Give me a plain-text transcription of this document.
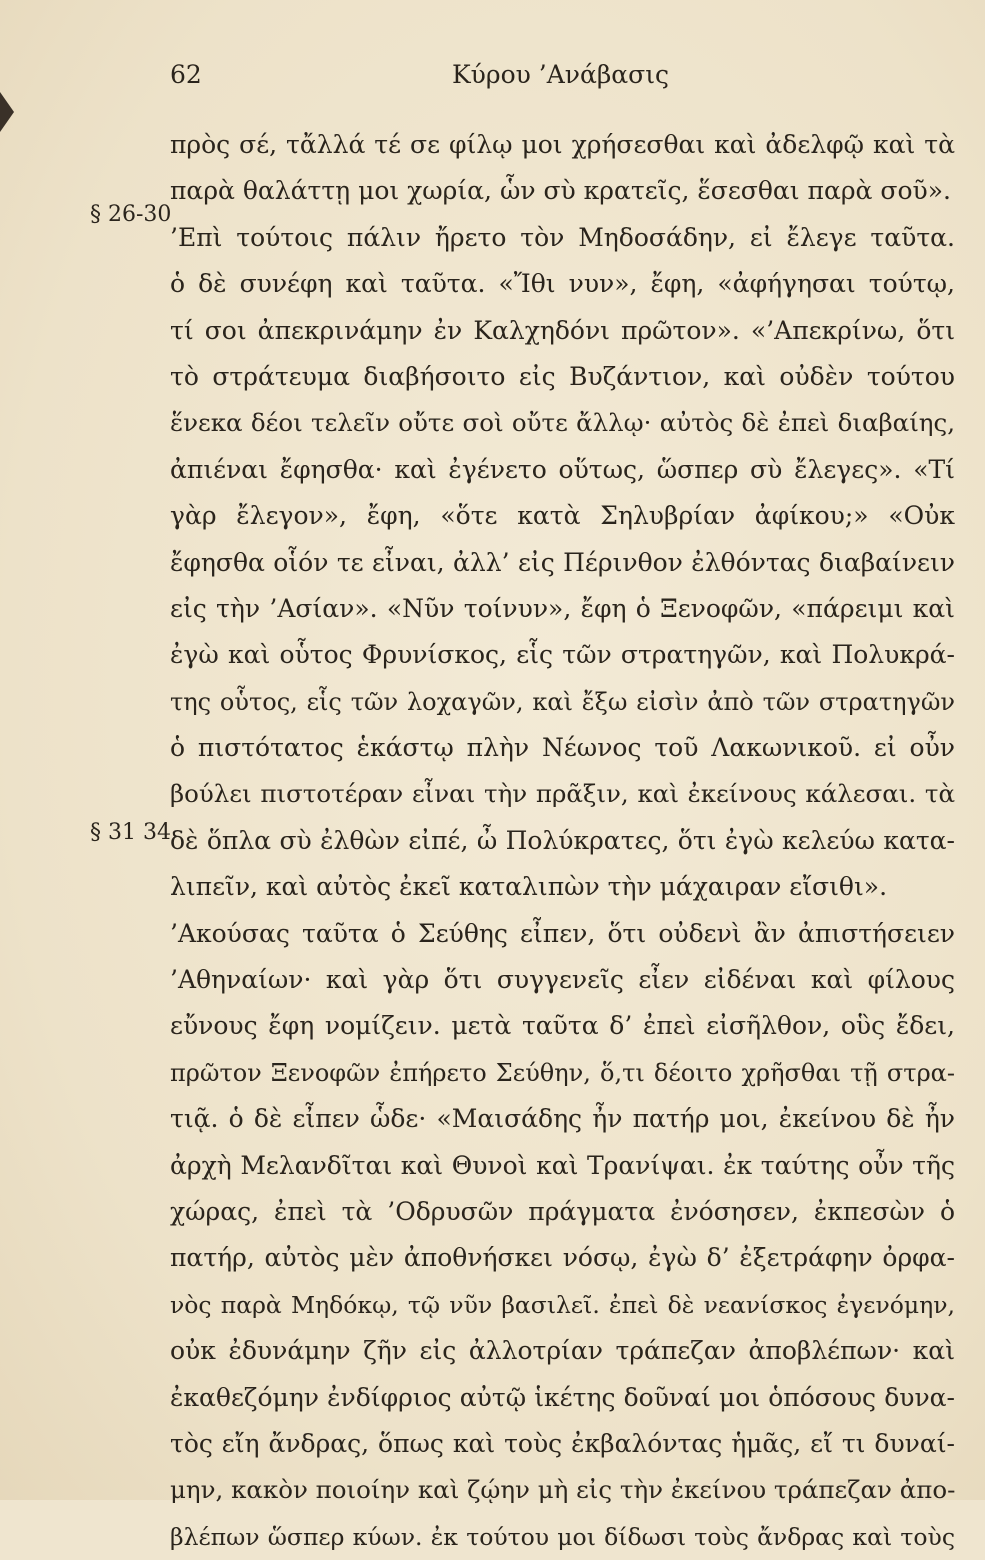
62	Κύρου ’Ανάβασις
§ 26-30
§ 31 34
πρὸς σέ, τἄλλά τέ σε φίλῳ μοι χρήσεσθαι καὶ ἀδελφῷ καὶ τὰ
παρὰ θαλάττῃ μοι χωρία, ὧν σὺ κρατεῖς, ἕσεσθαι παρὰ σοῦ».
’Επὶ τούτοις πάλιν ἤρετο τὸν Μηδοσάδην, εἰ ἔλεγε ταῦτα.
ὁ δὲ συνέφη καὶ ταῦτα. «Ἴθι νυν», ἔφη, «ἀφήγησαι τούτῳ,
τί σοι ἀπεκρινάμην ἐν Καλχηδόνι πρῶτον». «’Απεκρίνω, ὅτι
τὸ στράτευμα διαβήσοιτο εἰς Βυζάντιον, καὶ οὐδὲν τούτου
ἕνεκα δέοι τελεῖν οὔτε σοὶ οὔτε ἄλλῳ· αὐτὸς δὲ ἐπεὶ διαβαίης,
ἀπιέναι ἔφησθα· καὶ ἐγένετο οὕτως, ὥσπερ σὺ ἔλεγες». «Τί
γὰρ ἔλεγον», ἔφη, «ὅτε κατὰ Σηλυβρίαν ἀφίκου;» «Οὐκ
ἔφησθα οἷόν τε εἶναι, ἀλλ’ εἰς Πέρινθον ἐλθόντας διαβαίνειν
εἰς τὴν ’Ασίαν». «Νῦν τοίνυν», ἔφη ὁ Ξενοφῶν, «πάρειμι καὶ
ἐγὼ καὶ οὗτος Φρυνίσκος, εἷς τῶν στρατηγῶν, καὶ Πολυκρά-
της οὗτος, εἷς τῶν λοχαγῶν, καὶ ἔξω εἰσὶν ἀπὸ τῶν στρατηγῶν
ὁ πιστότατος ἑκάστῳ πλὴν Νέωνος τοῦ Λακωνικοῦ. εἰ οὖν
βούλει πιστοτέραν εἶναι τὴν πρᾶξιν, καὶ ἐκείνους κάλεσαι. τὰ
δὲ ὅπλα σὺ ἐλθὼν εἰπέ, ὦ Πολύκρατες, ὅτι ἐγὼ κελεύω κατα-
λιπεῖν, καὶ αὐτὸς ἐκεῖ καταλιπὼν τὴν μάχαιραν εἴσιθι».
’Ακούσας ταῦτα ὁ Σεύθης εἶπεν, ὅτι οὐδενὶ ἂν ἀπιστήσειεν
’Αθηναίων· καὶ γὰρ ὅτι συγγενεῖς εἶεν εἰδέναι καὶ φίλους
εὔνους ἔφη νομίζειν. μετὰ ταῦτα δ’ ἐπεὶ εἰσῆλθον, οὓς ἔδει,
πρῶτον Ξενοφῶν ἐπήρετο Σεύθην, ὅ,τι δέοιτο χρῆσθαι τῇ στρα-
τιᾷ. ὁ δὲ εἶπεν ὧδε· «Μαισάδης ἦν πατήρ μοι, ἐκείνου δὲ ἦν
ἀρχὴ Μελανδῖται καὶ Θυνοὶ καὶ Τρανίψαι. ἐκ ταύτης οὖν τῆς
χώρας, ἐπεὶ τὰ ’Οδρυσῶν πράγματα ἐνόσησεν, ἐκπεσὼν ὁ
πατήρ, αὐτὸς μὲν ἀποθνήσκει νόσῳ, ἐγὼ δ’ ἐξετράφην ὀρφα-
νὸς παρὰ Μηδόκῳ, τῷ νῦν βασιλεῖ. ἐπεὶ δὲ νεανίσκος ἐγενόμην,
οὐκ ἐδυνάμην ζῆν εἰς ἀλλοτρίαν τράπεζαν ἀποβλέπων· καὶ
ἐκαθεζόμην ἐνδίφριος αὐτῷ ἱκέτης δοῦναί μοι ὁπόσους δυνα-
τὸς εἴη ἄνδρας, ὅπως καὶ τοὺς ἐκβαλόντας ἡμᾶς, εἴ τι δυναί-
μην, κακὸν ποιοίην καὶ ζῴην μὴ εἰς τὴν ἐκείνου τράπεζαν ἀπο-
βλέπων ὥσπερ κύων. ἐκ τούτου μοι δίδωσι τοὺς ἄνδρας καὶ τοὺς
